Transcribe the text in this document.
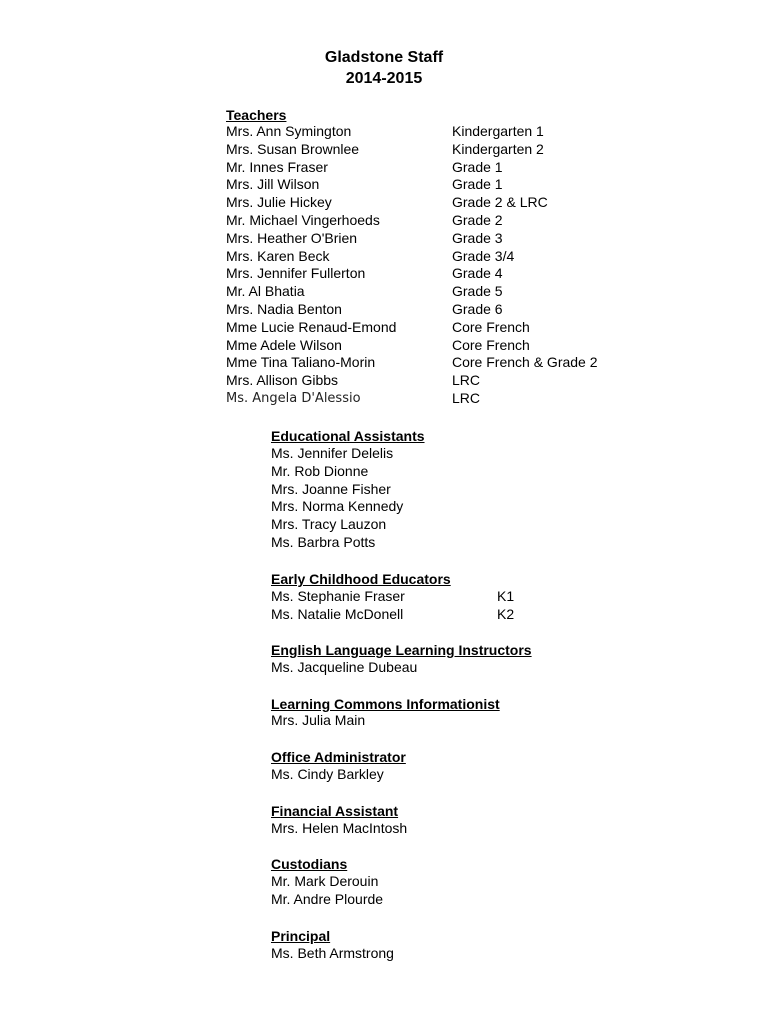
Gladstone Staff
2014-2015
Teachers
Mrs. Ann Symington	Kindergarten 1
Mrs. Susan Brownlee	Kindergarten 2
Mr. Innes Fraser	Grade 1
Mrs. Jill Wilson	Grade 1
Mrs. Julie Hickey	Grade 2 & LRC
Mr. Michael Vingerhoeds	Grade 2
Mrs. Heather O'Brien	Grade 3
Mrs. Karen Beck	Grade 3/4
Mrs. Jennifer Fullerton	Grade 4
Mr. Al Bhatia	Grade 5
Mrs. Nadia Benton	Grade 6
Mme Lucie Renaud-Emond	Core French
Mme Adele Wilson	Core French
Mme Tina Taliano-Morin	Core French & Grade 2
Mrs. Allison Gibbs	LRC
Ms. Angela D'Alessio	LRC
Educational Assistants
Ms. Jennifer Delelis
Mr. Rob Dionne
Mrs. Joanne Fisher
Mrs. Norma Kennedy
Mrs. Tracy Lauzon
Ms. Barbra Potts
Early Childhood Educators
Ms. Stephanie Fraser	K1
Ms. Natalie McDonell	K2
English Language Learning Instructors
Ms. Jacqueline Dubeau
Learning Commons Informationist
Mrs. Julia Main
Office Administrator
Ms. Cindy Barkley
Financial Assistant
Mrs. Helen MacIntosh
Custodians
Mr. Mark Derouin
Mr. Andre Plourde
Principal
Ms. Beth Armstrong
